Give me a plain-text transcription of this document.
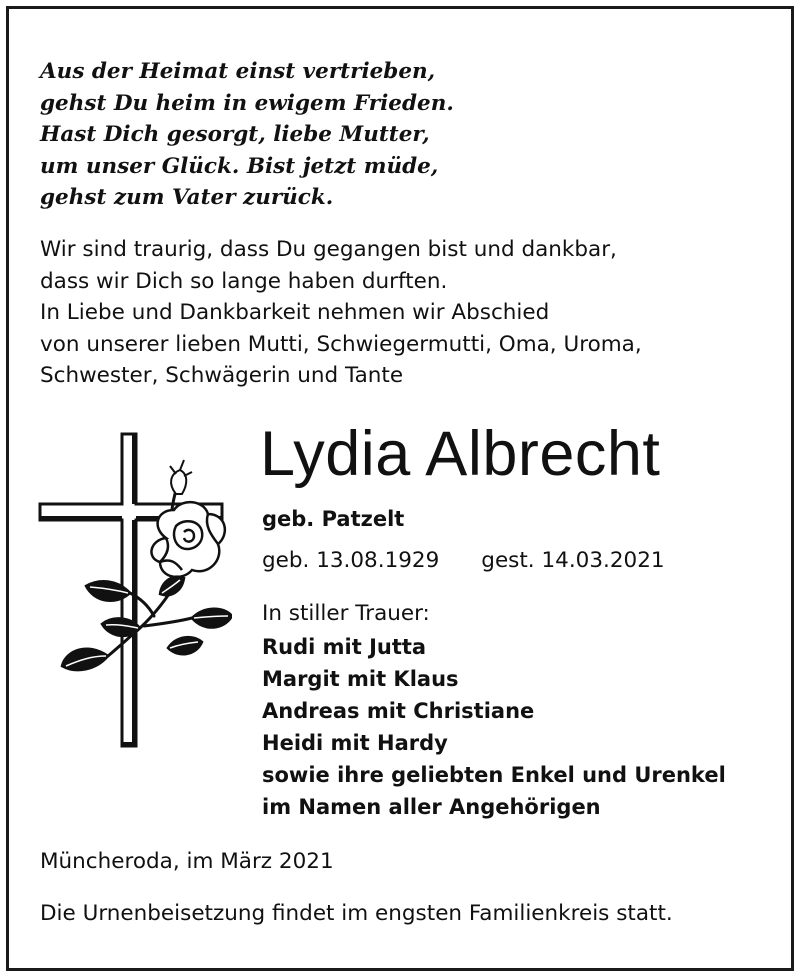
Aus der Heimat einst vertrieben,
gehst Du heim in ewigem Frieden.
Hast Dich gesorgt, liebe Mutter,
um unser Glück. Bist jetzt müde,
gehst zum Vater zurück.
Wir sind traurig, dass Du gegangen bist und dankbar,
dass wir Dich so lange haben durften.
In Liebe und Dankbarkeit nehmen wir Abschied
von unserer lieben Mutti, Schwiegermutti, Oma, Uroma,
Schwester, Schwägerin und Tante
Lydia Albrecht
geb. Patzelt
geb. 13.08.1929 gest. 14.03.2021
In stiller Trauer:
Rudi mit Jutta
Margit mit Klaus
Andreas mit Christiane
Heidi mit Hardy
sowie ihre geliebten Enkel und Urenkel
im Namen aller Angehörigen
Müncheroda, im März 2021
Die Urnenbeisetzung findet im engsten Familienkreis statt.
